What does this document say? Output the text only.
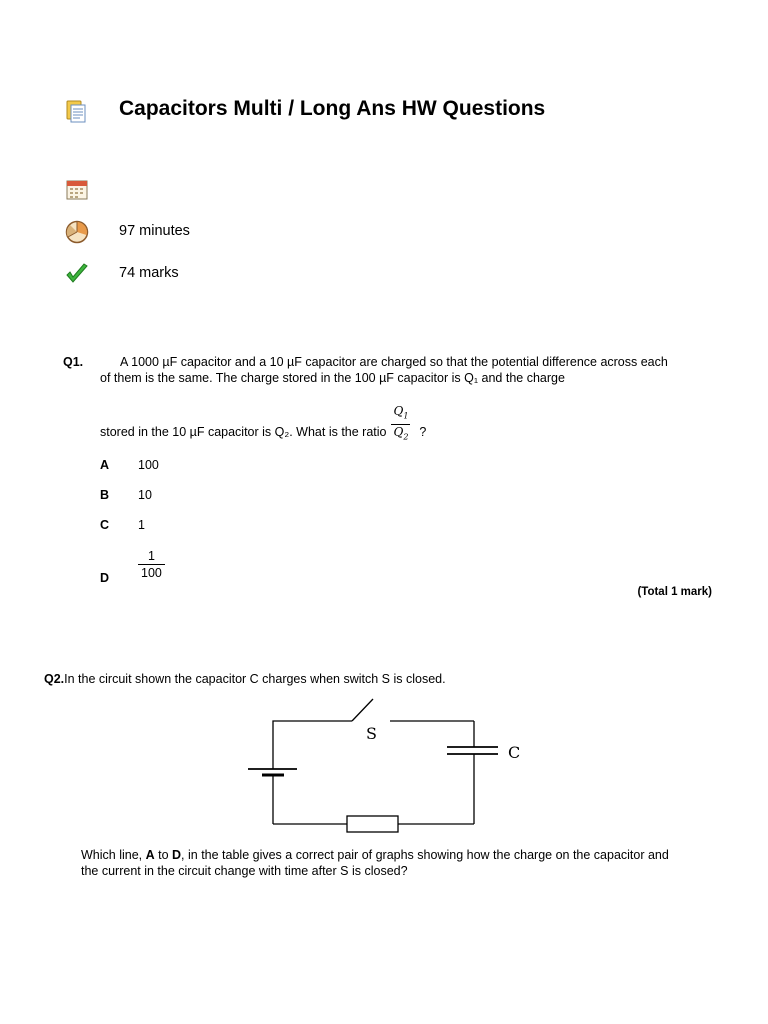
Capacitors Multi / Long Ans HW Questions
97 minutes
74 marks
Q1.	A 1000 µF capacitor and a 10 µF capacitor are charged so that the potential difference across each of them is the same. The charge stored in the 100 µF capacitor is Q₁ and the charge
stored in the 10 µF capacitor is Q₂. What is the ratio $\frac{Q_1}{Q_2}$ ?
A 100
B 10
C 1
D $\frac{1}{100}$
(Total 1 mark)
Q2.In the circuit shown the capacitor C charges when switch S is closed.
S
C
Which line, A to D, in the table gives a correct pair of graphs showing how the charge on the capacitor and the current in the circuit change with time after S is closed?
